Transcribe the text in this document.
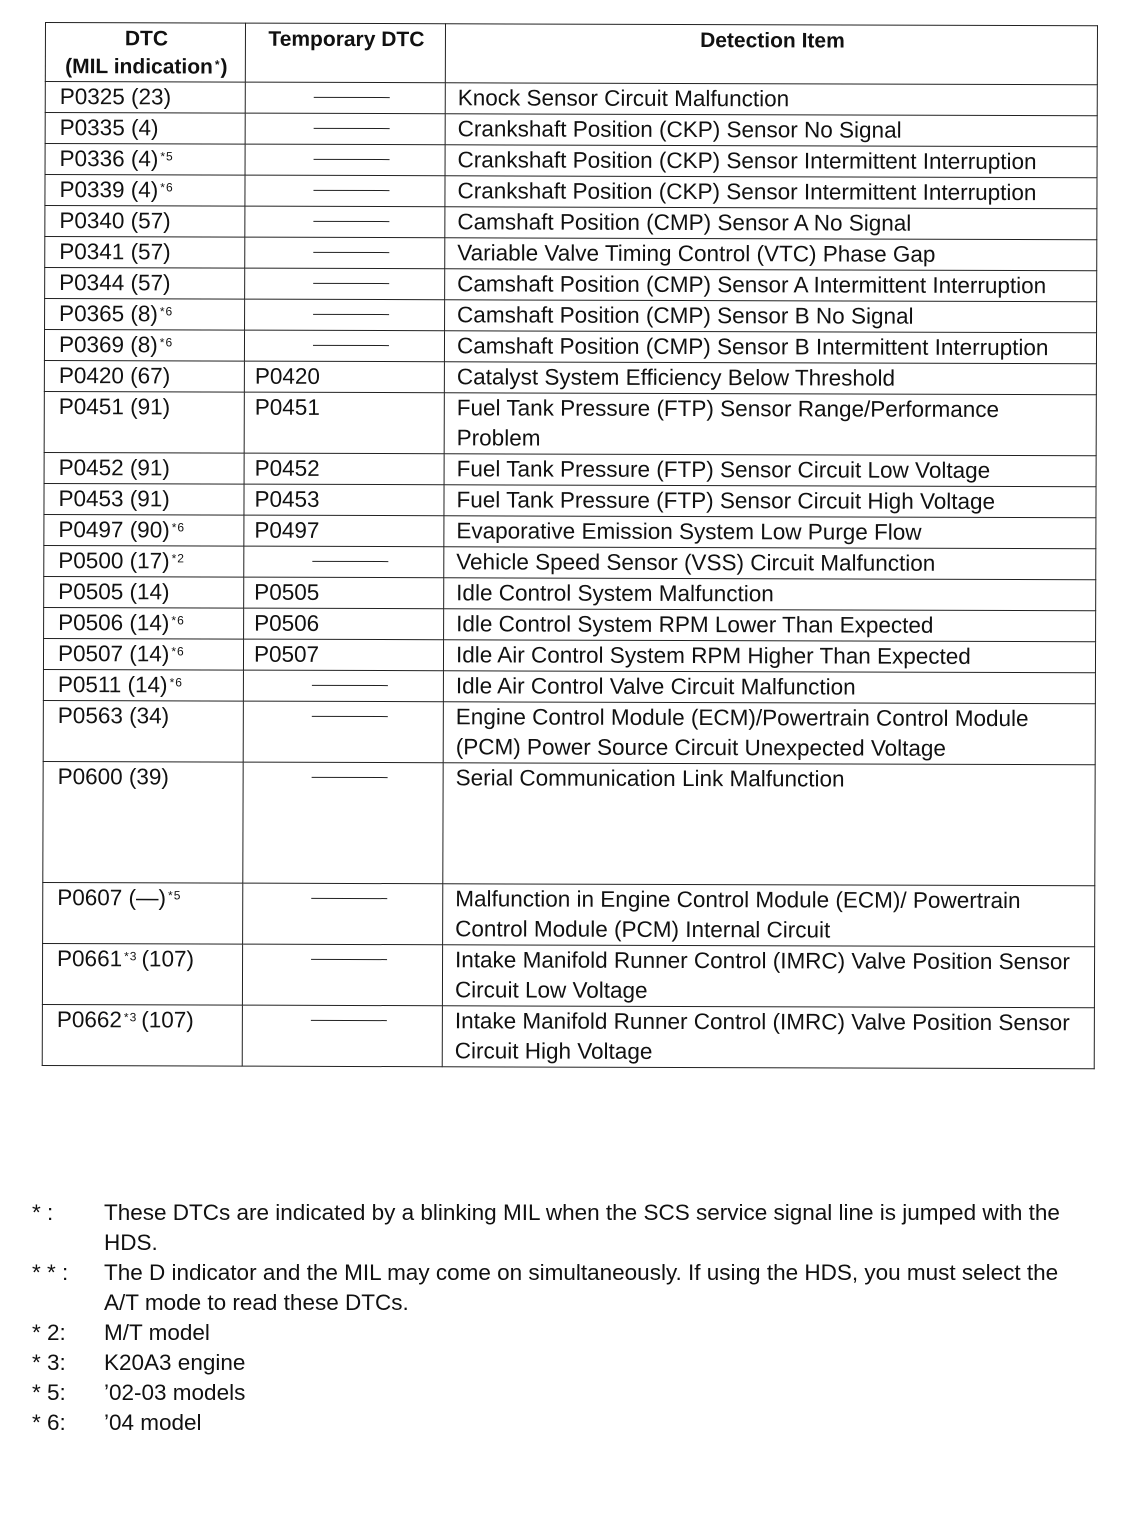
DTC
(MIL indication *)	Temporary DTC	Detection Item
P0325 (23)		Knock Sensor Circuit Malfunction
P0335 (4)		Crankshaft Position (CKP) Sensor No Signal
P0336 (4) $^{*5}$		Crankshaft Position (CKP) Sensor Intermittent Interruption
P0339 (4) $^{*6}$		Crankshaft Position (CKP) Sensor Intermittent Interruption
P0340 (57)		Camshaft Position (CMP) Sensor A No Signal
P0341 (57)		Variable Valve Timing Control (VTC) Phase Gap
P0344 (57)		Camshaft Position (CMP) Sensor A Intermittent Interruption
P0365 (8) $^{*6}$		Camshaft Position (CMP) Sensor B No Signal
P0369 (8) $^{*6}$		Camshaft Position (CMP) Sensor B Intermittent Interruption
P0420 (67)	P0420	Catalyst System Efficiency Below Threshold
P0451 (91)	P0451	Fuel Tank Pressure (FTP) Sensor Range/Performance Problem
P0452 (91)	P0452	Fuel Tank Pressure (FTP) Sensor Circuit Low Voltage
P0453 (91)	P0453	Fuel Tank Pressure (FTP) Sensor Circuit High Voltage
P0497 (90) $^{*6}$	P0497	Evaporative Emission System Low Purge Flow
P0500 (17) $^{*2}$		Vehicle Speed Sensor (VSS) Circuit Malfunction
P0505 (14)	P0505	Idle Control System Malfunction
P0506 (14) $^{*6}$	P0506	Idle Control System RPM Lower Than Expected
P0507 (14) $^{*6}$	P0507	Idle Air Control System RPM Higher Than Expected
P0511 (14) $^{*6}$		Idle Air Control Valve Circuit Malfunction
P0563 (34)		Engine Control Module (ECM)/Powertrain Control Module (PCM) Power Source Circuit Unexpected Voltage
P0600 (39)		Serial Communication Link Malfunction
P0607 (—) $^{*5}$		Malfunction in Engine Control Module (ECM)/ Powertrain Control Module (PCM) Internal Circuit
P0661 $^{*3}$ (107)		Intake Manifold Runner Control (IMRC) Valve Position Sensor Circuit Low Voltage
P0662 $^{*3}$ (107)		Intake Manifold Runner Control (IMRC) Valve Position Sensor Circuit High Voltage
* :	These DTCs are indicated by a blinking MIL when the SCS service signal line is jumped with the HDS.
* * :	The D indicator and the MIL may come on simultaneously. If using the HDS, you must select the A/T mode to read these DTCs.
* 2:	M/T model
* 3:	K20A3 engine
* 5:	’02-03 models
* 6:	’04 model
